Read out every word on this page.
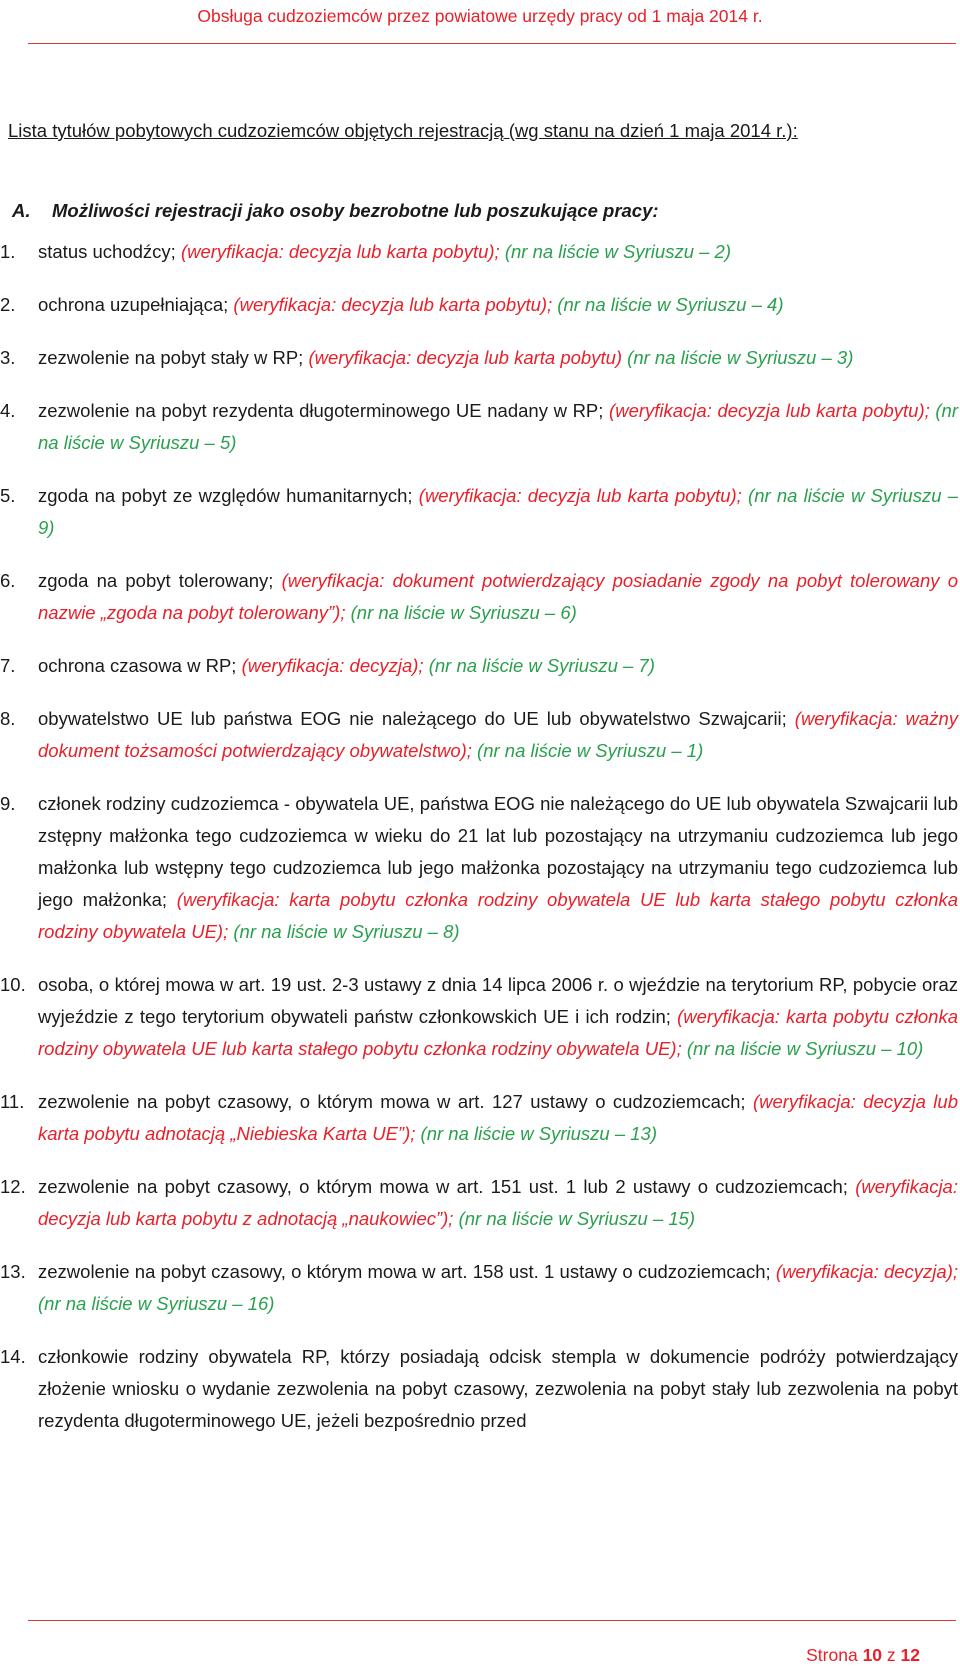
Obsługa cudzoziemców przez powiatowe urzędy pracy od 1 maja 2014 r.
Lista tytułów pobytowych cudzoziemców objętych rejestracją (wg stanu na dzień 1 maja 2014 r.):
A. Możliwości rejestracji jako osoby bezrobotne lub poszukujące pracy:
1. status uchodźcy; (weryfikacja: decyzja lub karta pobytu); (nr na liście w Syriuszu – 2)
2. ochrona uzupełniająca; (weryfikacja: decyzja lub karta pobytu); (nr na liście w Syriuszu – 4)
3. zezwolenie na pobyt stały w RP; (weryfikacja: decyzja lub karta pobytu) (nr na liście w Syriuszu – 3)
4. zezwolenie na pobyt rezydenta długoterminowego UE nadany w RP; (weryfikacja: decyzja lub karta pobytu); (nr na liście w Syriuszu – 5)
5. zgoda na pobyt ze względów humanitarnych; (weryfikacja: decyzja lub karta pobytu); (nr na liście w Syriuszu – 9)
6. zgoda na pobyt tolerowany; (weryfikacja: dokument potwierdzający posiadanie zgody na pobyt tolerowany o nazwie „zgoda na pobyt tolerowany”); (nr na liście w Syriuszu – 6)
7. ochrona czasowa w RP; (weryfikacja: decyzja); (nr na liście w Syriuszu – 7)
8. obywatelstwo UE lub państwa EOG nie należącego do UE lub obywatelstwo Szwajcarii; (weryfikacja: ważny dokument tożsamości potwierdzający obywatelstwo); (nr na liście w Syriuszu – 1)
9. członek rodziny cudzoziemca - obywatela UE, państwa EOG nie należącego do UE lub obywatela Szwajcarii lub zstępny małżonka tego cudzoziemca w wieku do 21 lat lub pozostający na utrzymaniu cudzoziemca lub jego małżonka lub wstępny tego cudzoziemca lub jego małżonka pozostający na utrzymaniu tego cudzoziemca lub jego małżonka; (weryfikacja: karta pobytu członka rodziny obywatela UE lub karta stałego pobytu członka rodziny obywatela UE); (nr na liście w Syriuszu – 8)
10. osoba, o której mowa w art. 19 ust. 2-3 ustawy z dnia 14 lipca 2006 r. o wjeździe na terytorium RP, pobycie oraz wyjeździe z tego terytorium obywateli państw członkowskich UE i ich rodzin; (weryfikacja: karta pobytu członka rodziny obywatela UE lub karta stałego pobytu członka rodziny obywatela UE); (nr na liście w Syriuszu – 10)
11. zezwolenie na pobyt czasowy, o którym mowa w art. 127 ustawy o cudzoziemcach; (weryfikacja: decyzja lub karta pobytu adnotacją „Niebieska Karta UE”); (nr na liście w Syriuszu – 13)
12. zezwolenie na pobyt czasowy, o którym mowa w art. 151 ust. 1 lub 2 ustawy o cudzoziemcach; (weryfikacja: decyzja lub karta pobytu z adnotacją „naukowiec”); (nr na liście w Syriuszu – 15)
13. zezwolenie na pobyt czasowy, o którym mowa w art. 158 ust. 1 ustawy o cudzoziemcach; (weryfikacja: decyzja); (nr na liście w Syriuszu – 16)
14. członkowie rodziny obywatela RP, którzy posiadają odcisk stempla w dokumencie podróży potwierdzający złożenie wniosku o wydanie zezwolenia na pobyt czasowy, zezwolenia na pobyt stały lub zezwolenia na pobyt rezydenta długoterminowego UE, jeżeli bezpośrednio przed
Strona 10 z 12
